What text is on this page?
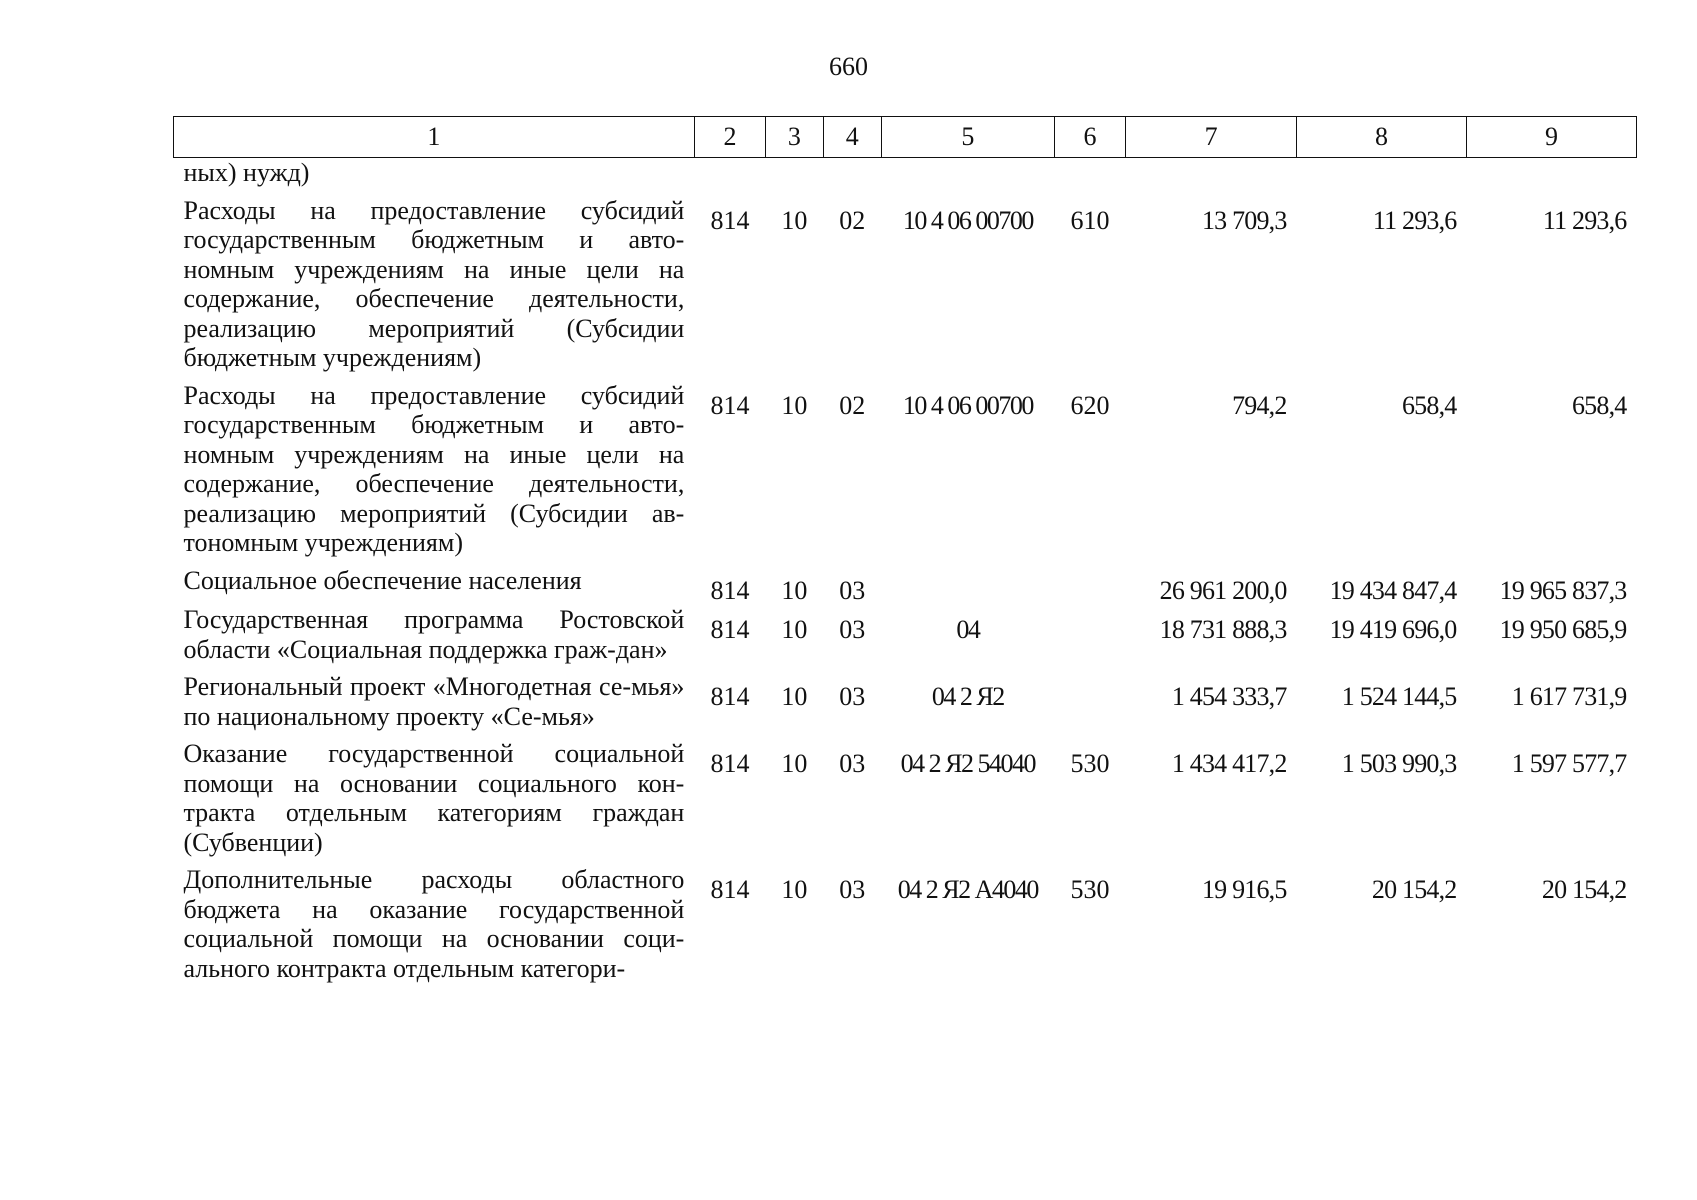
660
1	2	3	4	5	6	7	8	9
ных) нужд)								
Расходы на предоставление субсидий государственным бюджетным и авто-номным учреждениям на иные цели на содержание, обеспечение деятельности, реализацию мероприятий (Субсидии бюджетным учреждениям)	814	10	02	10 4 06 00700	610	13 709,3	11 293,6	11 293,6
Расходы на предоставление субсидий государственным бюджетным и авто-номным учреждениям на иные цели на содержание, обеспечение деятельности, реализацию мероприятий (Субсидии ав-тономным учреждениям)	814	10	02	10 4 06 00700	620	794,2	658,4	658,4
Социальное обеспечение населения	814	10	03			26 961 200,0	19 434 847,4	19 965 837,3
Государственная программа Ростовской области «Социальная поддержка граж-дан»	814	10	03	04		18 731 888,3	19 419 696,0	19 950 685,9
Региональный проект «Многодетная се-мья» по национальному проекту «Се-мья»	814	10	03	04 2 Я2		1 454 333,7	1 524 144,5	1 617 731,9
Оказание государственной социальной помощи на основании социального кон-тракта отдельным категориям граждан (Субвенции)	814	10	03	04 2 Я2 54040	530	1 434 417,2	1 503 990,3	1 597 577,7
Дополнительные расходы областного бюджета на оказание государственной социальной помощи на основании соци-ального контракта отдельным категори-	814	10	03	04 2 Я2 А4040	530	19 916,5	20 154,2	20 154,2
